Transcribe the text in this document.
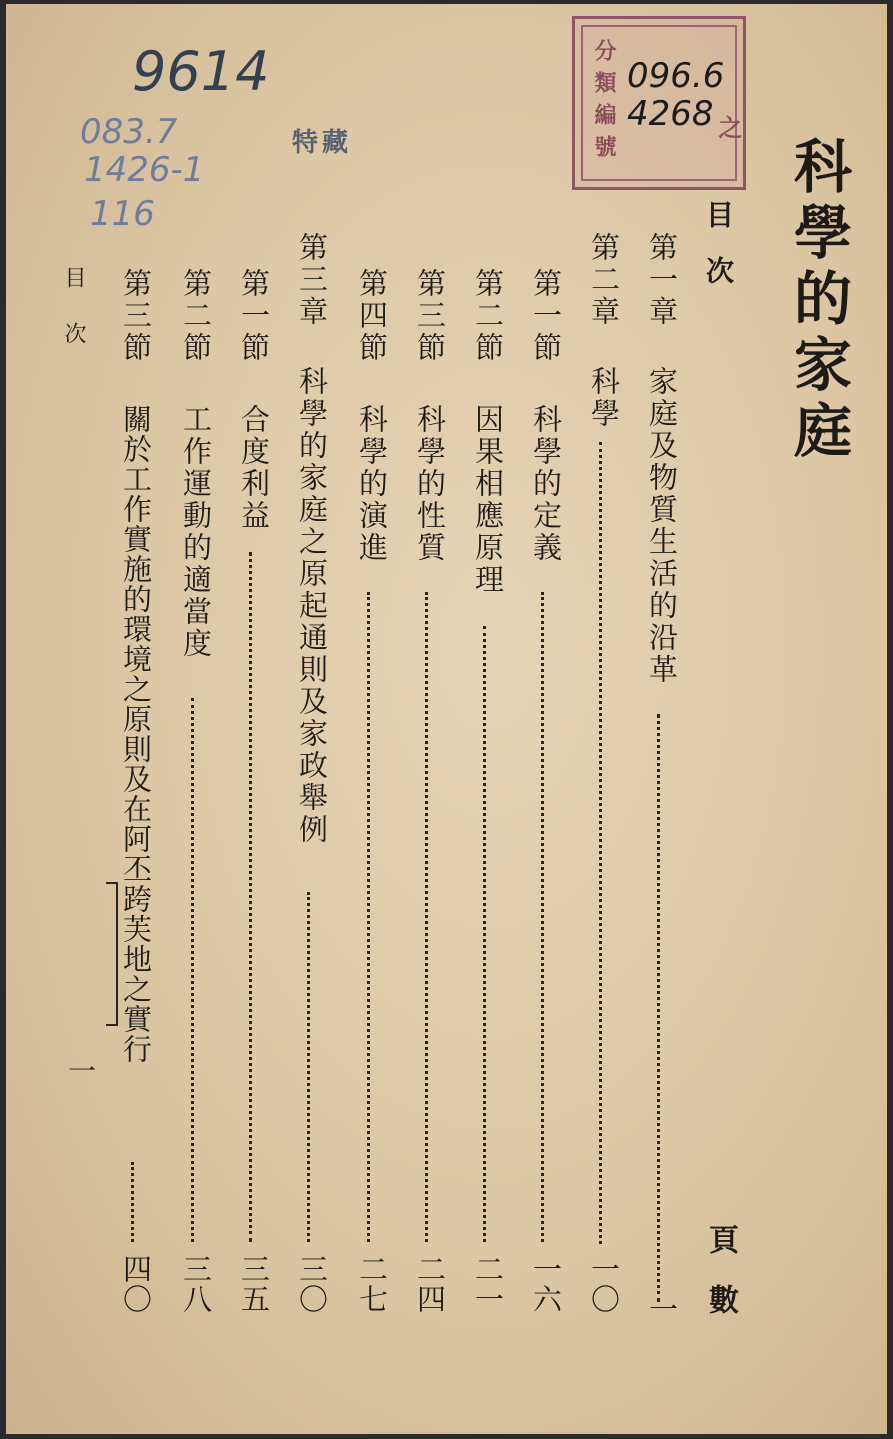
9614
083.7
1426-1
116
特藏	分類編號 096.6 4268 之
科學的家庭
目　次
頁　數
目　次
一
第一章
家庭及物質生活的沿革
一
第二章
科學
一〇
第一節
科學的定義
一六
第二節
因果相應原理
二一
第三節
科學的性質
二四
第四節
科學的演進
二七
第三章
科學的家庭之原起通則及家政舉例
三〇
第一節
合度利益
三五
第二節
工作運動的適當度
三八
第三節
關於工作實施的環境之原則及在阿丕跨芙地之實行
四〇
